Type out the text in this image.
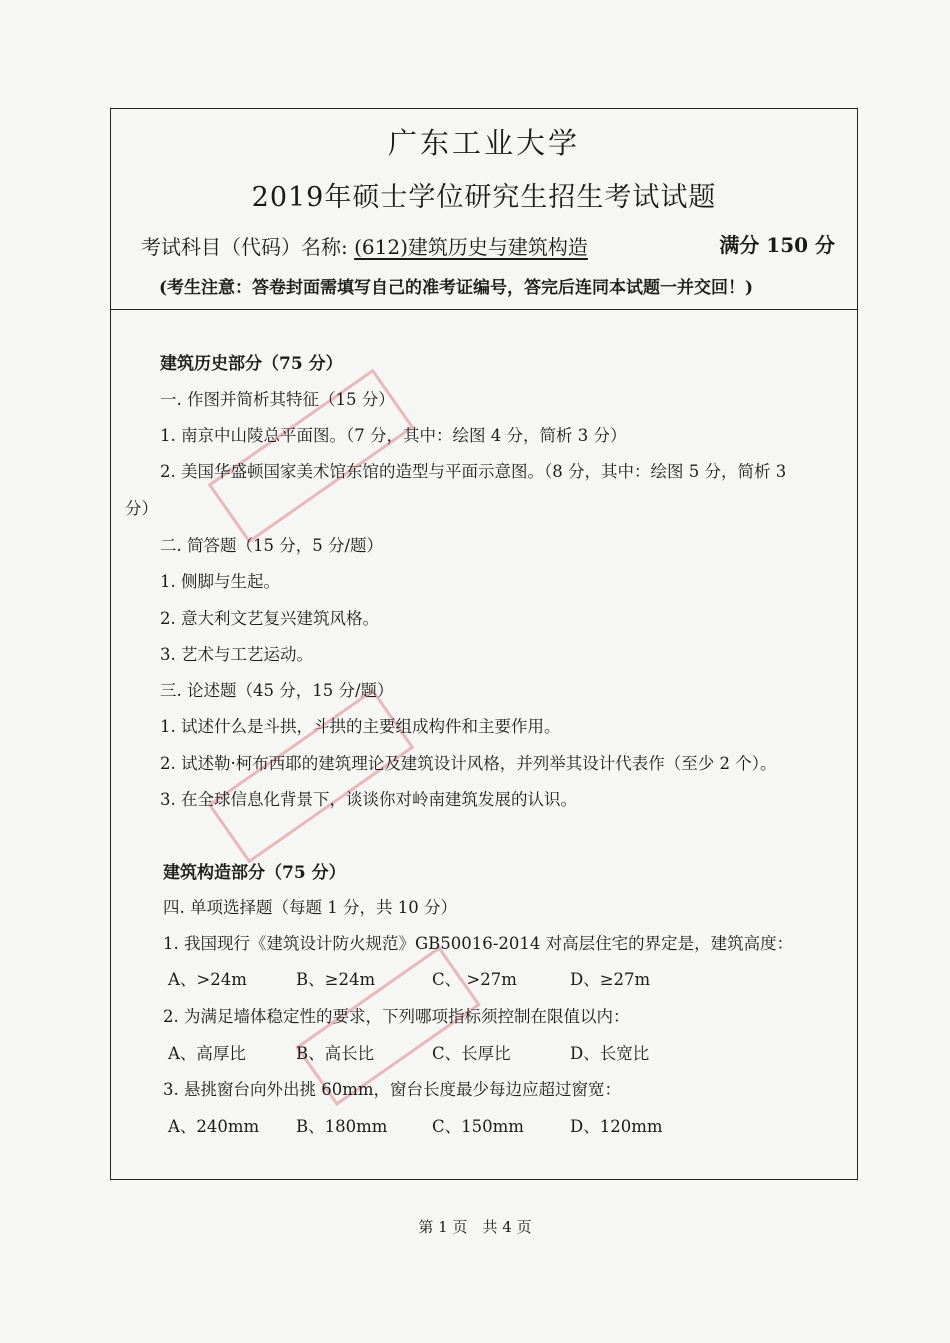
广东工业大学
2019年硕士学位研究生招生考试试题
考试科目（代码）名称: (612)建筑历史与建筑构造	满分 150 分
(考生注意：答卷封面需填写自己的准考证编号，答完后连同本试题一并交回！)

建筑历史部分（75 分）
一. 作图并简析其特征（15 分）
1. 南京中山陵总平面图。（7 分，其中：绘图 4 分，简析 3 分）
2. 美国华盛顿国家美术馆东馆的造型与平面示意图。（8 分，其中：绘图 5 分，简析 3
分）
二. 简答题（15 分，5 分/题）
1. 侧脚与生起。
2. 意大利文艺复兴建筑风格。
3. 艺术与工艺运动。
三. 论述题（45 分，15 分/题）
1. 试述什么是斗拱，斗拱的主要组成构件和主要作用。
2. 试述勒·柯布西耶的建筑理论及建筑设计风格，并列举其设计代表作（至少 2 个）。
3. 在全球信息化背景下，谈谈你对岭南建筑发展的认识。
建筑构造部分（75 分）
四. 单项选择题（每题 1 分，共 10 分）
1. 我国现行《建筑设计防火规范》GB50016-2014 对高层住宅的界定是，建筑高度：
A、>24m	B、≥24m	C、 >27m	D、≥27m
2. 为满足墙体稳定性的要求，下列哪项指标须控制在限值以内：
A、高厚比	B、高长比	C、长厚比	D、长宽比
3. 悬挑窗台向外出挑 60mm，窗台长度最少每边应超过窗宽：
A、240mm B、180mm	C、150mm	D、120mm
第 1 页　共 4 页
